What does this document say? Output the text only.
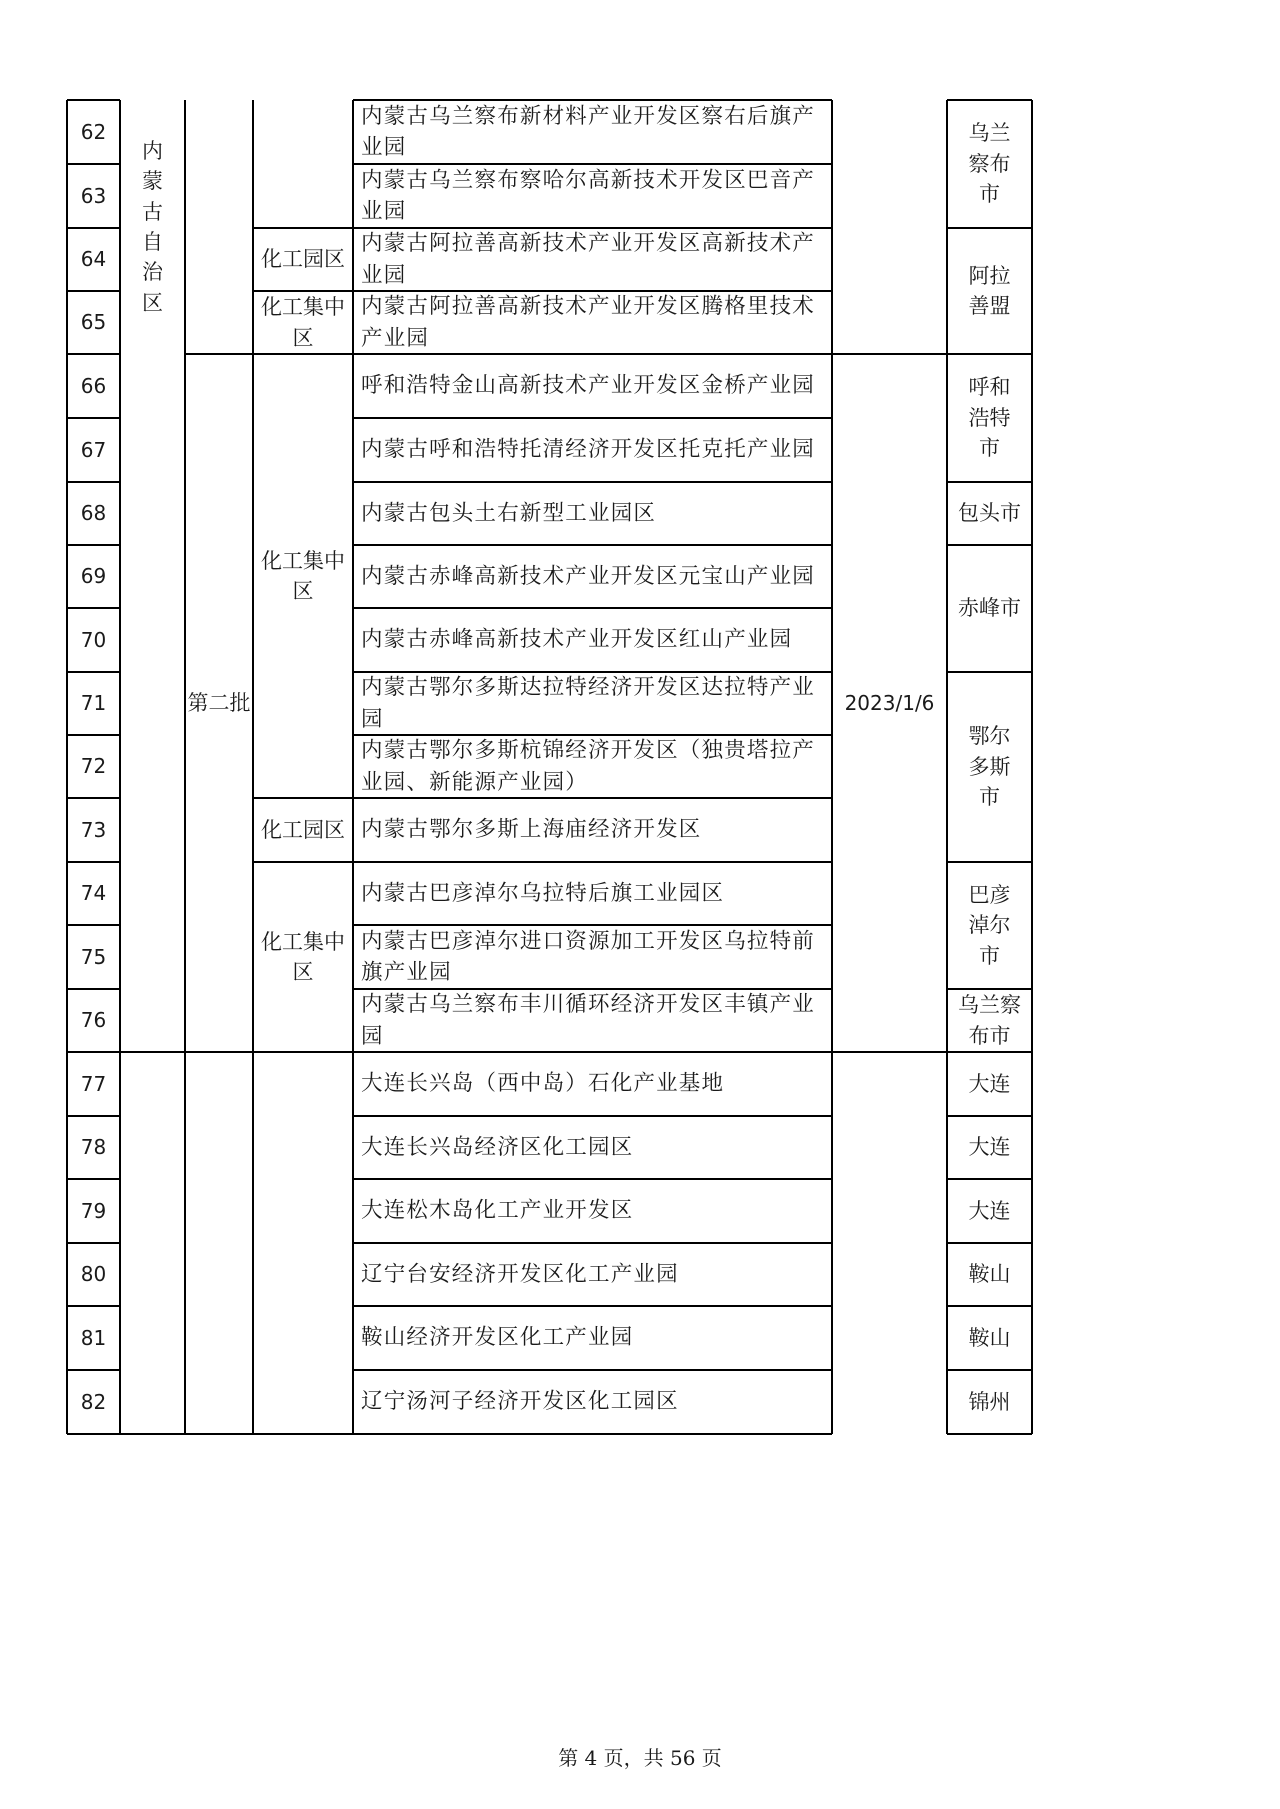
62
63
64
65
66
67
68
69
70
71
72
73
74
75
76
77
78
79
80
81
82
内蒙古乌兰察布新材料产业开发区察右后旗产业园
内蒙古乌兰察布察哈尔高新技术开发区巴音产业园
内蒙古阿拉善高新技术产业开发区高新技术产业园
内蒙古阿拉善高新技术产业开发区腾格里技术产业园
呼和浩特金山高新技术产业开发区金桥产业园
内蒙古呼和浩特托清经济开发区托克托产业园
内蒙古包头土右新型工业园区
内蒙古赤峰高新技术产业开发区元宝山产业园
内蒙古赤峰高新技术产业开发区红山产业园
内蒙古鄂尔多斯达拉特经济开发区达拉特产业园
内蒙古鄂尔多斯杭锦经济开发区（独贵塔拉产业园、新能源产业园）
内蒙古鄂尔多斯上海庙经济开发区
内蒙古巴彦淖尔乌拉特后旗工业园区
内蒙古巴彦淖尔进口资源加工开发区乌拉特前旗产业园
内蒙古乌兰察布丰川循环经济开发区丰镇产业园
大连长兴岛（西中岛）石化产业基地
大连长兴岛经济区化工园区
大连松木岛化工产业开发区
辽宁台安经济开发区化工产业园
鞍山经济开发区化工产业园
辽宁汤河子经济开发区化工园区
内蒙古自治区
第二批
化工园区
化工集中区
化工集中区
化工园区
化工集中区
2023/1/6
乌兰察布市
阿拉善盟
呼和浩特市
包头市
赤峰市
鄂尔多斯市
巴彦淖尔市
乌兰察布市
大连
大连
大连
鞍山
鞍山
锦州
第 4 页，共 56 页
